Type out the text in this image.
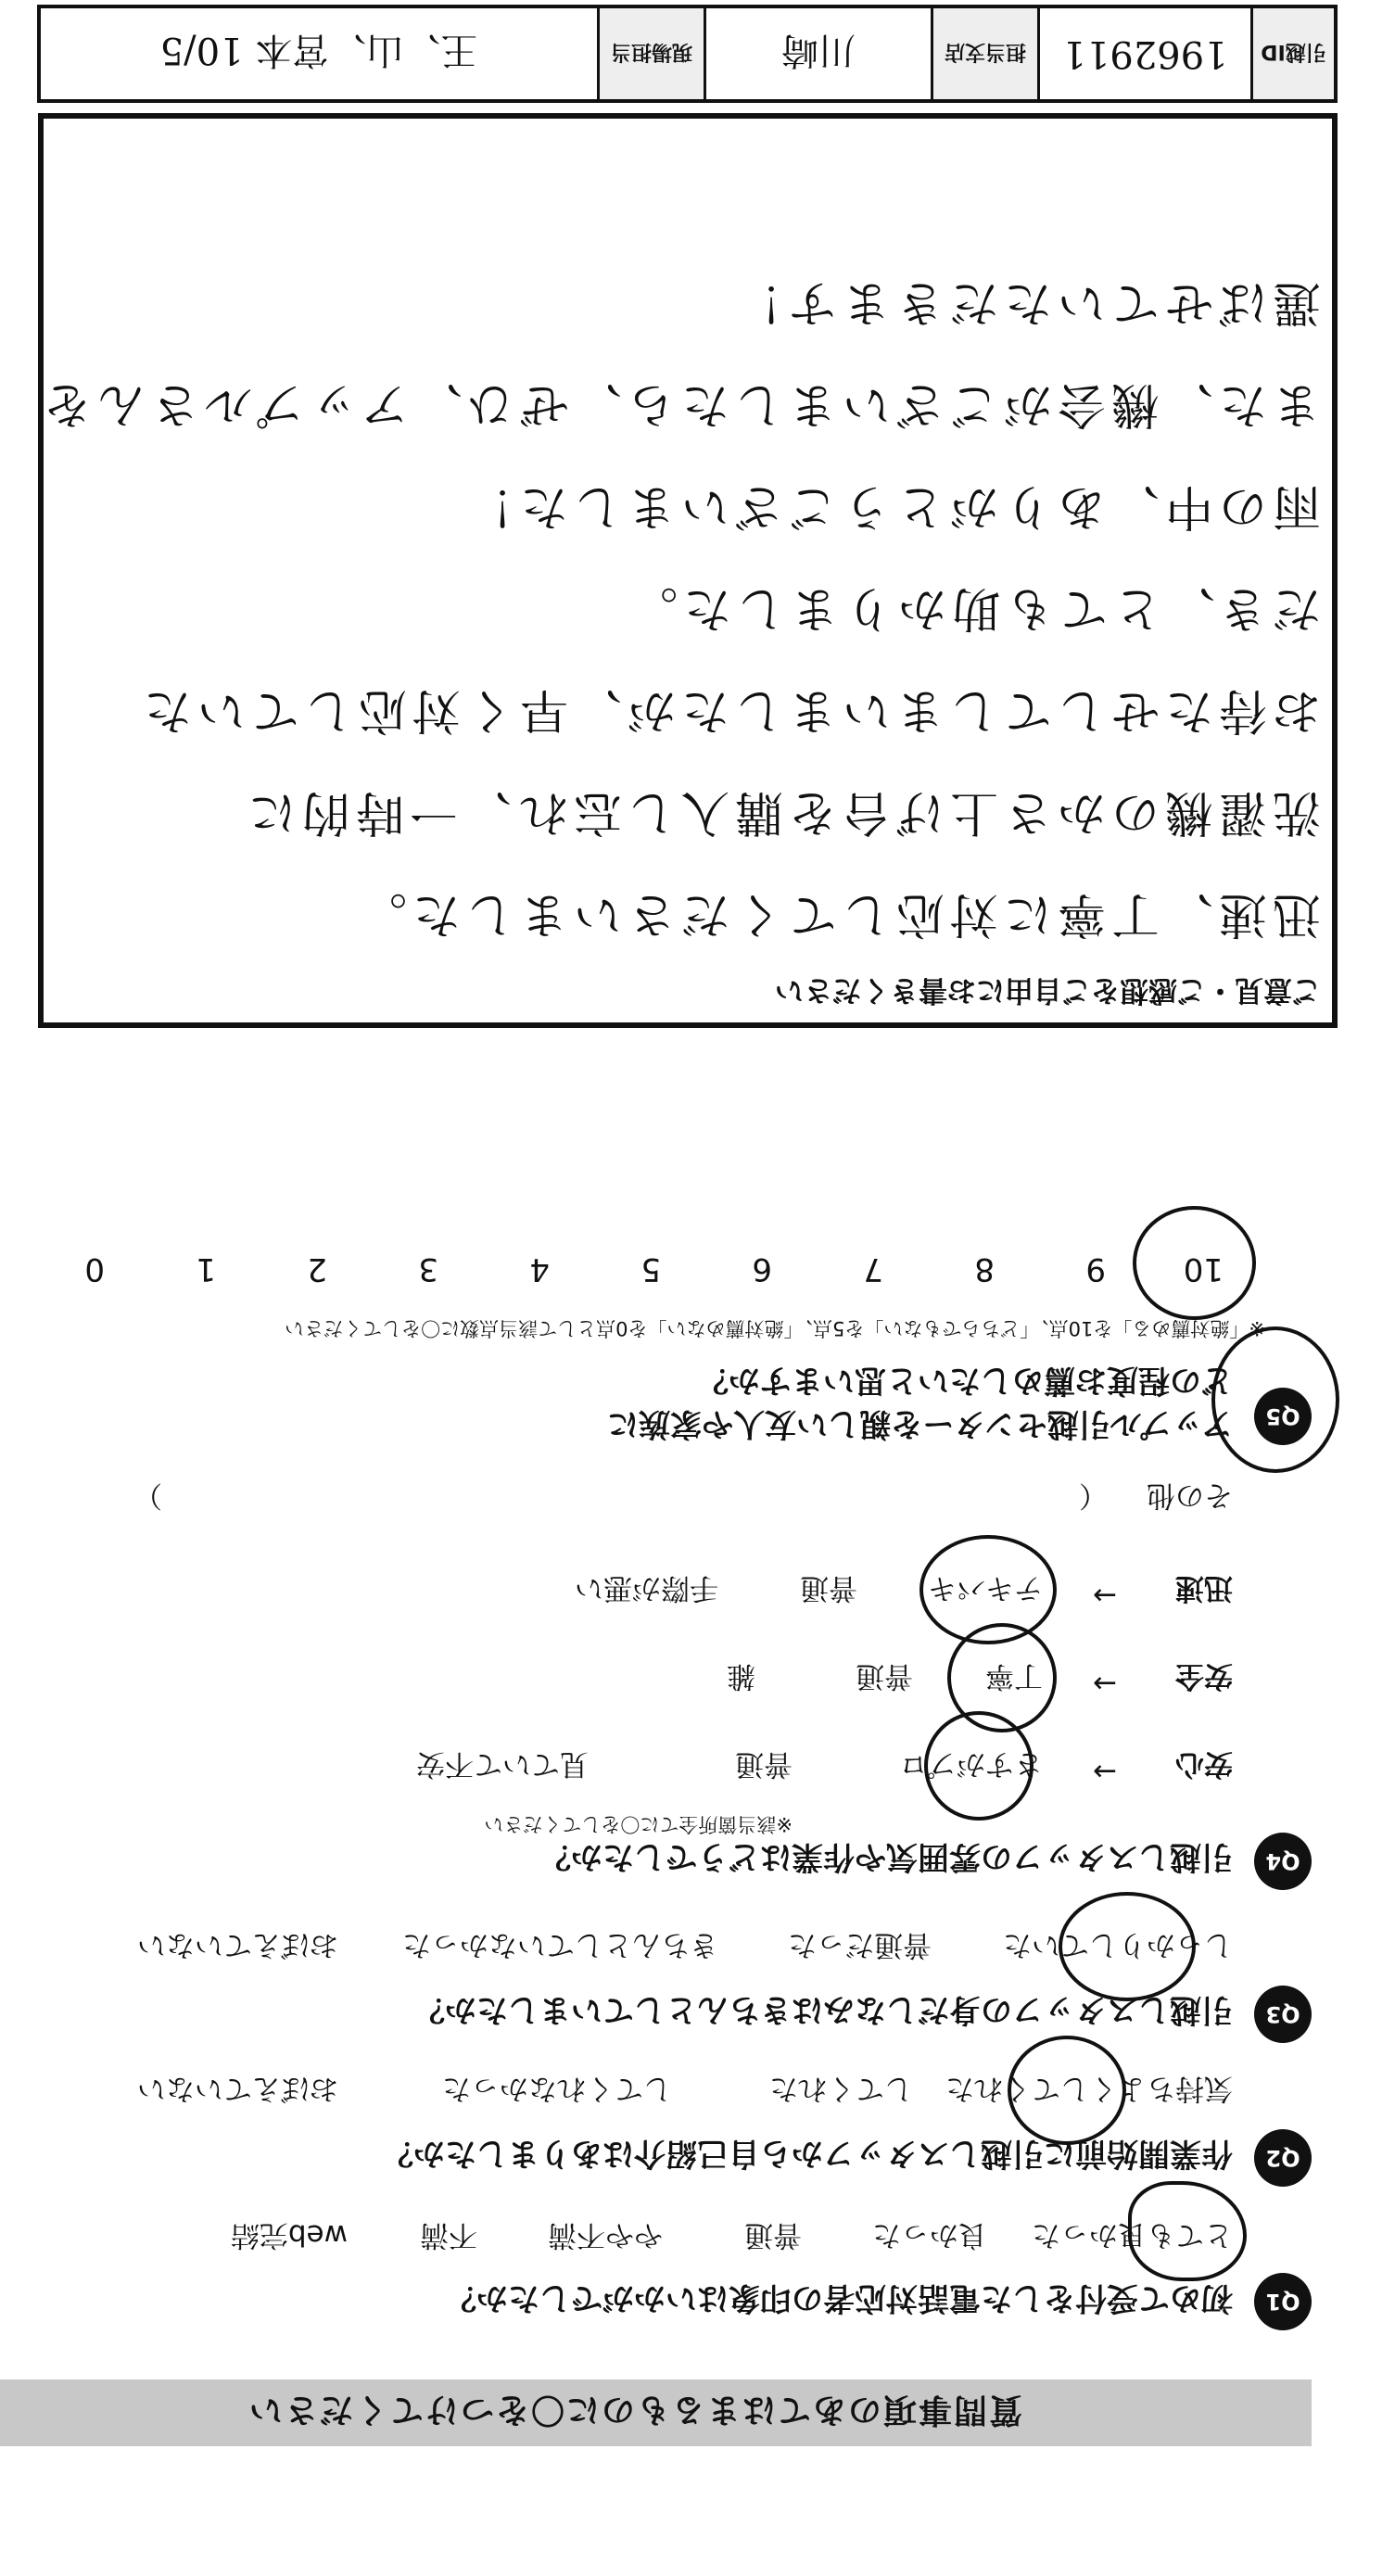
質問事項のあてはまるものに〇をつけてください
Q1
初めて受付をした電話対応者の印象はいかがでしたか？
とても良かった
良かった
普通
やや不満
不満
web完結
Q2
作業開始前に引越しスタッフから自己紹介はありましたか？
気持ちよくしてくれた
してくれた
してくれなかった
おぼえていない
Q3
引越しスタッフの身だしなみはきちんとしていましたか？
しっかりしていた
普通だった
きちんとしていなかった
おぼえていない
Q4
引越しスタッフの雰囲気や作業はどうでしたか？
※該当箇所全てに〇をしてください
安心
→
さすがプロ
普通
見ていて不安
安全
→
丁寧
普通
雑
迅速
→
テキパキ
普通
手際が悪い
その他
（
）
Q5
アップル引越センターを親しい友人や家族に
どの程度お薦めしたいと思いますか？
※「絶対薦める」を10点、「どちらでもない」を5点、「絶対薦めない」を0点として該当点数に〇をしてください
10
9
8
7
6
5
4
3
2
1
0
ご意見・ご感想をご自由にお書きください
迅速、丁寧に対応してくださいました。
洗濯機のかさ上げ台を購入し忘れ、一時的に
お待たせしてしまいましたが、早く対応していた
だき、とても助かりました。
雨の中、ありがとうございました！
また、機会がございましたら、ぜひ、アップルさんを
選ばせていただきます！
引越ID
1962911
担当支店
川崎
現場担当
王、山、宮本 10/5
